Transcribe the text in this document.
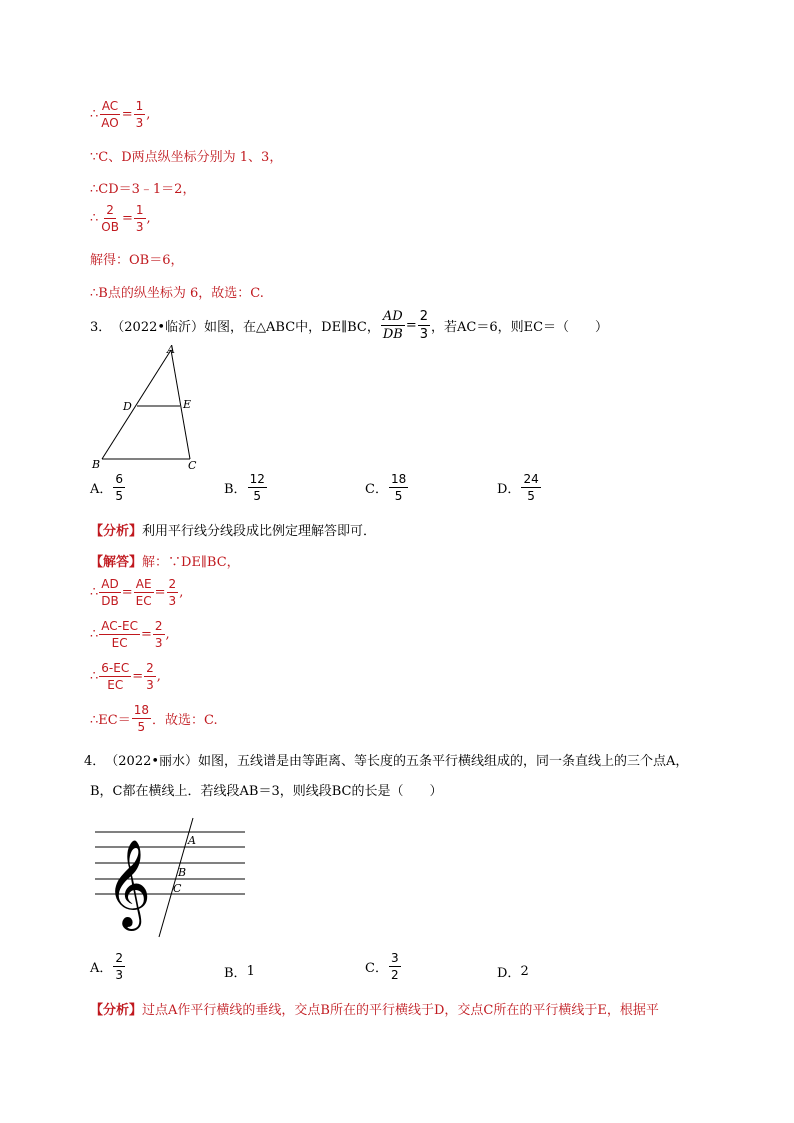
∴ $\frac{AC}{AO} = \frac{1}{3}$ ,
∵C、D两点纵坐标分别为 1、3，
∴CD＝3﹣1＝2，
∴ $\frac{2}{OB} = \frac{1}{3}$ ,
解得：OB＝6，
∴B点的纵坐标为 6，故选：C.
3． （2022•临沂） 如图，在△ABC中，DE∥BC， $\frac{AD}{DB} = \frac{2}{3}$ ，若AC＝6，则EC＝（　　）
A
B	C
D	E
A． $\frac{6}{5}$	B． $\frac{12}{5}$	C． $\frac{18}{5}$	D． $\frac{24}{5}$
【分析】 利用平行线分线段成比例定理解答即可．
【解答】 解：∵DE∥BC，
∴ $\frac{AD}{DB} = \frac{AE}{EC} = \frac{2}{3}$ ,
∴ $\frac{AC-EC}{EC} = \frac{2}{3}$ ,
∴ $\frac{6-EC}{EC} = \frac{2}{3}$ ,
∴EC＝ $\frac{18}{5}$ ．故选：C.
4． （2022•丽水） 如图，五线谱是由等距离、等长度的五条平行横线组成的，同一条直线上的三个点A，
B，C都在横线上．若线段AB＝3，则线段BC的长是（　　）
𝄞	A
B
C
A． $\frac{2}{3}$	B． 1	C． $\frac{3}{2}$	D． 2
【分析】 过点A作平行横线的垂线，交点B所在的平行横线于D，交点C所在的平行横线于E，根据平
